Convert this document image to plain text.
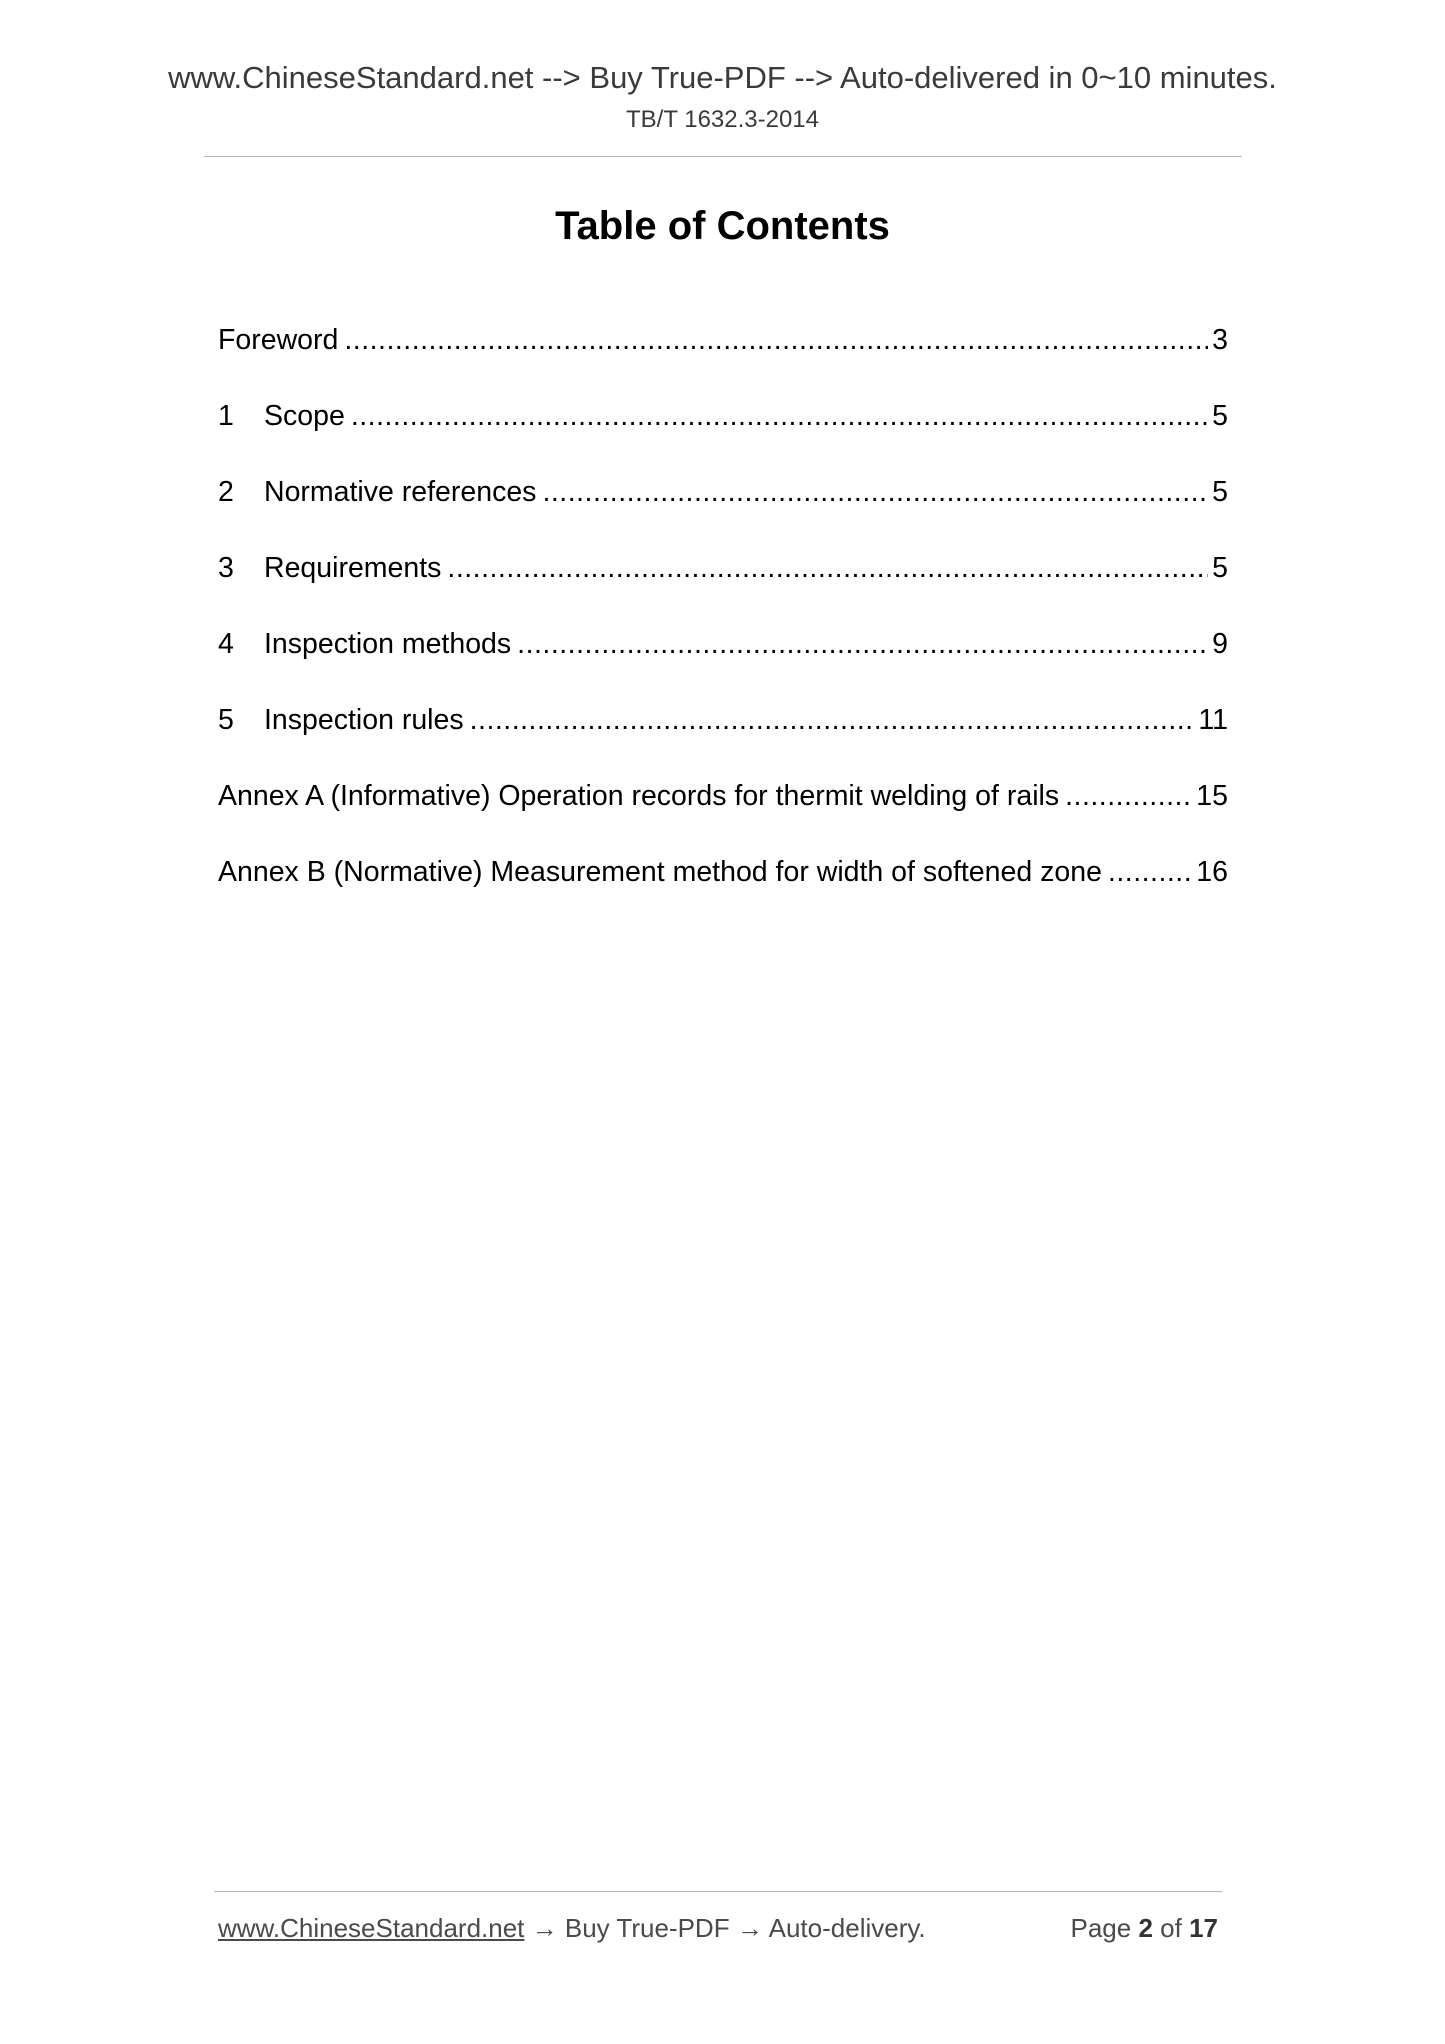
www.ChineseStandard.net --> Buy True-PDF --> Auto-delivered in 0~10 minutes.
TB/T 1632.3-2014
Table of Contents
Foreword .....	3
1	Scope .....	5
2	Normative references .....	5
3	Requirements .....	5
4	Inspection methods .....	9
5	Inspection rules .....	11
Annex A (Informative) Operation records for thermit welding of rails .....	15
Annex B (Normative) Measurement method for width of softened zone .....	16
www.ChineseStandard.net → Buy True-PDF → Auto-delivery.	Page 2 of 17
